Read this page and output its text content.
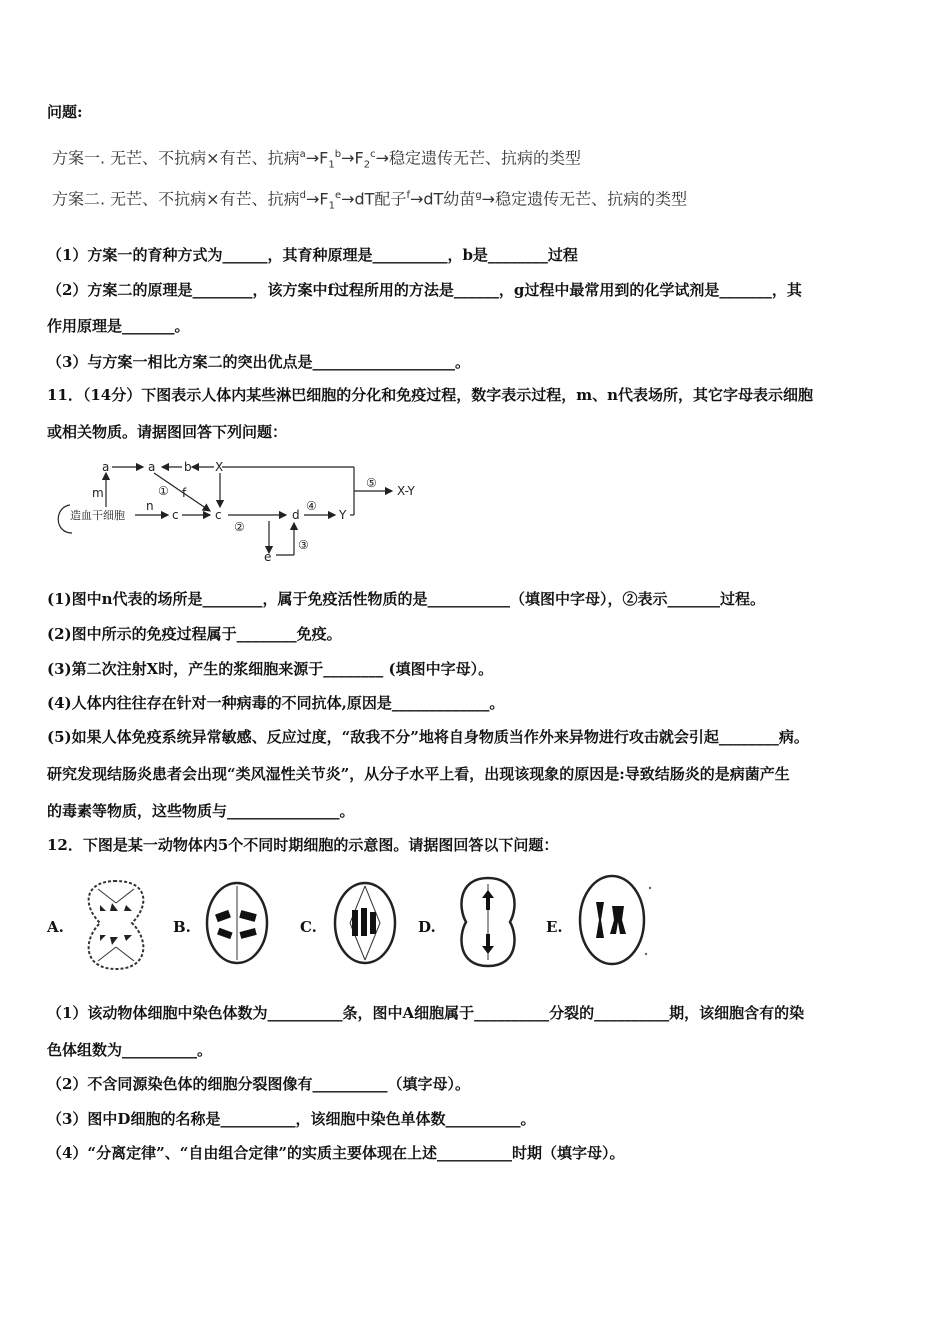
问题:
方案一. 无芒、不抗病×有芒、抗病$^a\to F_1^b\to F_2^c\to$稳定遗传无芒、抗病的类型
方案二. 无芒、不抗病×有芒、抗病$^d\to F_1^e\to dT$配子$^f$→dT幼苗$^g$→稳定遗传无芒、抗病的类型
（1）方案一的育种方式为______，其育种原理是__________，b是________过程
（2）方案二的原理是________，该方案中f过程所用的方法是______，g过程中最常用到的化学试剂是_______，其
作用原理是_______。
（3）与方案一相比方案二的突出优点是___________________。
11．（14分）下图表示人体内某些淋巴细胞的分化和免疫过程，数字表示过程，m、n代表场所，其它字母表示细胞
或相关物质。请据图回答下列问题：
a	a b X
m	f
①
n
c	c	d
④
Y
⑤
X-Y
造血干细胞
②
e
③
(1)图中n代表的场所是________，属于免疫活性物质的是___________（填图中字母），②表示_______过程。
(2)图中所示的免疫过程属于________免疫。
(3)第二次注射X时，产生的浆细胞来源于________ (填图中字母）。
(4)人体内往往存在针对一种病毒的不同抗体,原因是_____________。
(5)如果人体免疫系统异常敏感、反应过度，“敌我不分”地将自身物质当作外来异物进行攻击就会引起________病。
研究发现结肠炎患者会出现“类风湿性关节炎”，从分子水平上看，出现该现象的原因是:导致结肠炎的是病菌产生
的毒素等物质，这些物质与_______________。
12．下图是某一动物体内5个不同时期细胞的示意图。请据图回答以下问题：
A.	B.	C.	D.	E.
（1）该动物体细胞中染色体数为__________条，图中A细胞属于__________分裂的__________期，该细胞含有的染
色体组数为__________。
（2）不含同源染色体的细胞分裂图像有__________（填字母）。
（3）图中D细胞的名称是__________，该细胞中染色单体数__________。
（4）“分离定律”、“自由组合定律”的实质主要体现在上述__________时期（填字母）。
